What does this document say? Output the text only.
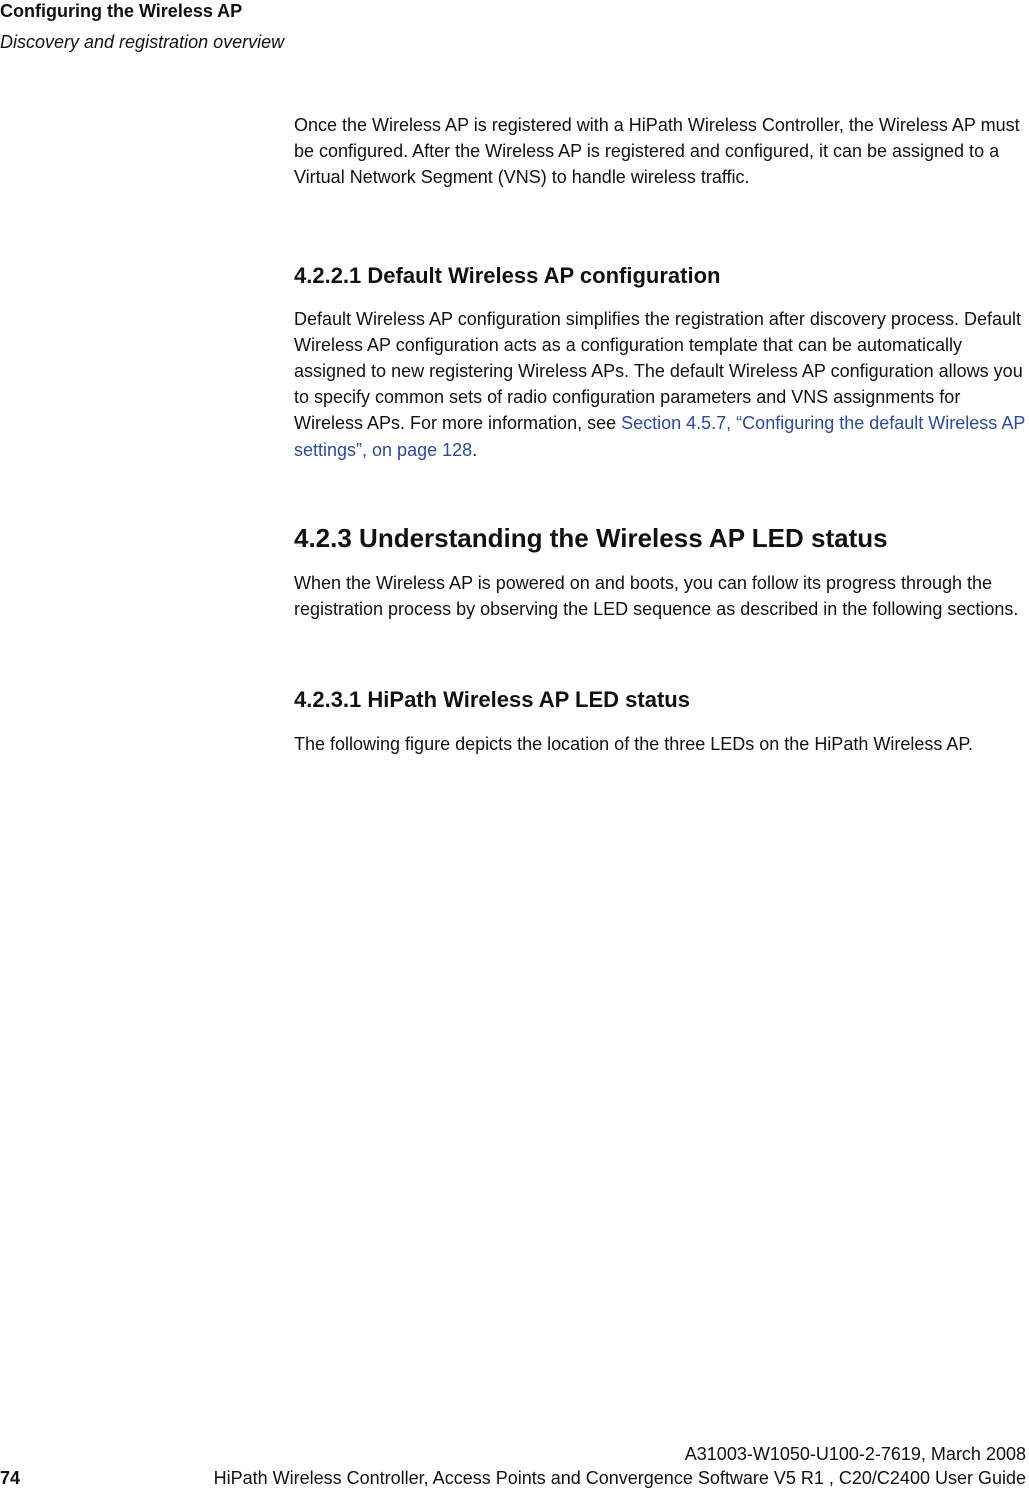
Configuring the Wireless AP

Discovery and registration overview

Once the Wireless AP is registered with a HiPath Wireless Controller, the Wireless AP must be configured. After the Wireless AP is registered and configured, it can be assigned to a Virtual Network Segment (VNS) to handle wireless traffic.

4.2.2.1 Default Wireless AP configuration

Default Wireless AP configuration simplifies the registration after discovery process. Default Wireless AP configuration acts as a configuration template that can be automatically assigned to new registering Wireless APs. The default Wireless AP configuration allows you to specify common sets of radio configuration parameters and VNS assignments for Wireless APs. For more information, see Section 4.5.7, “Configuring the default Wireless AP settings”, on page 128.

4.2.3 Understanding the Wireless AP LED status

When the Wireless AP is powered on and boots, you can follow its progress through the registration process by observing the LED sequence as described in the following sections.

4.2.3.1 HiPath Wireless AP LED status

The following figure depicts the location of the three LEDs on the HiPath Wireless AP.

A31003-W1050-U100-2-7619, March 2008
74	HiPath Wireless Controller, Access Points and Convergence Software V5 R1 , C20/C2400 User Guide
